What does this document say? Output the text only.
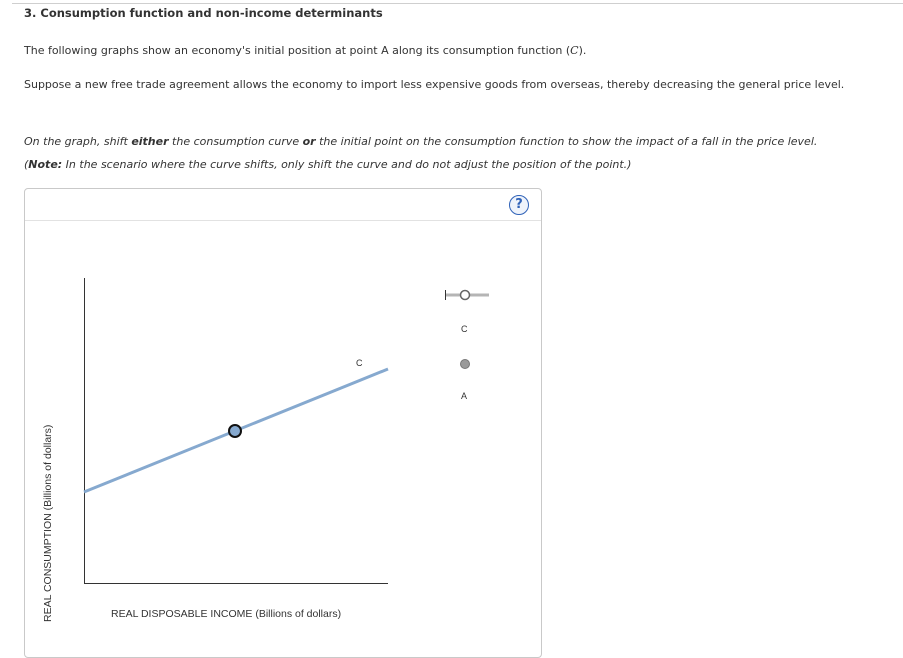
3. Consumption function and non-income determinants
The following graphs show an economy's initial position at point A along its consumption function (C).
Suppose a new free trade agreement allows the economy to import less expensive goods from overseas, thereby decreasing the general price level.
On the graph, shift either the consumption curve or the initial point on the consumption function to show the impact of a fall in the price level.
(Note: In the scenario where the curve shifts, only shift the curve and do not adjust the position of the point.)
?
C
C
A
REAL CONSUMPTION (Billions of dollars)	REAL DISPOSABLE INCOME (Billions of dollars)
